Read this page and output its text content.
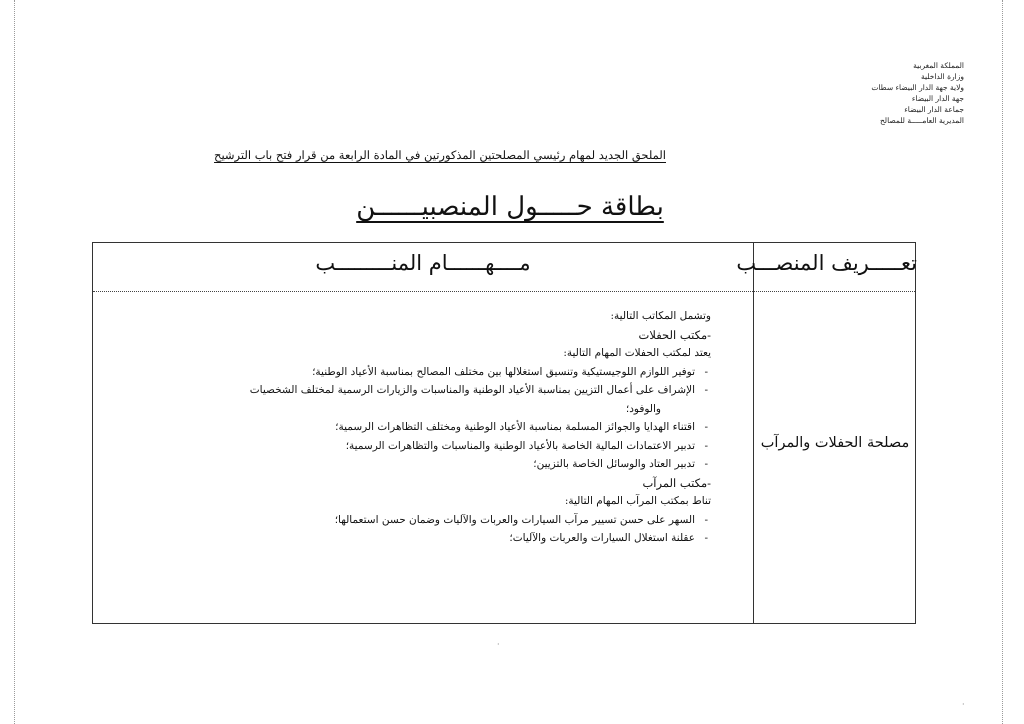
المملكة المغربية
وزارة الداخلية
ولاية جهة الدار البيضاء سطات
جهة الدار البيضاء
جماعة الدار البيضاء
المديرية العامـــــة للمصالح
الملحق الجديد لمهام رئيسي المصلحتين المذكورتين في المادة الرابعة من قرار فتح باب الترشيح
بطاقة حـــــول المنصبيــــــن
مــــهــــــام المنـــــــــب	تعـــــريف المنصـــب
مصلحة الحفلات والمرآب
وتشمل المكاتب التالية:
-مكتب الحفلات
يعتد لمكتب الحفلات المهام التالية:
- توفير اللوازم اللوجيستيكية وتنسيق استغلالها بين مختلف المصالح بمناسبة الأعياد الوطنية؛
- الإشراف على أعمال التزيين بمناسبة الأعياد الوطنية والمناسبات والزيارات الرسمية لمختلف الشخصيات
والوفود؛
- اقتناء الهدايا والجوائز المسلمة بمناسبة الأعياد الوطنية ومختلف التظاهرات الرسمية؛
- تدبير الاعتمادات المالية الخاصة بالأعياد الوطنية والمناسبات والتظاهرات الرسمية؛
- تدبير العتاد والوسائل الخاصة بالتزيين؛
-مكتب المرآب
تناط بمكتب المرآب المهام التالية:
- السهر على حسن تسيير مرآب السيارات والعربات والآليات وضمان حسن استعمالها؛
- عقلنة استغلال السيارات والعربات والآليات؛
·
·
